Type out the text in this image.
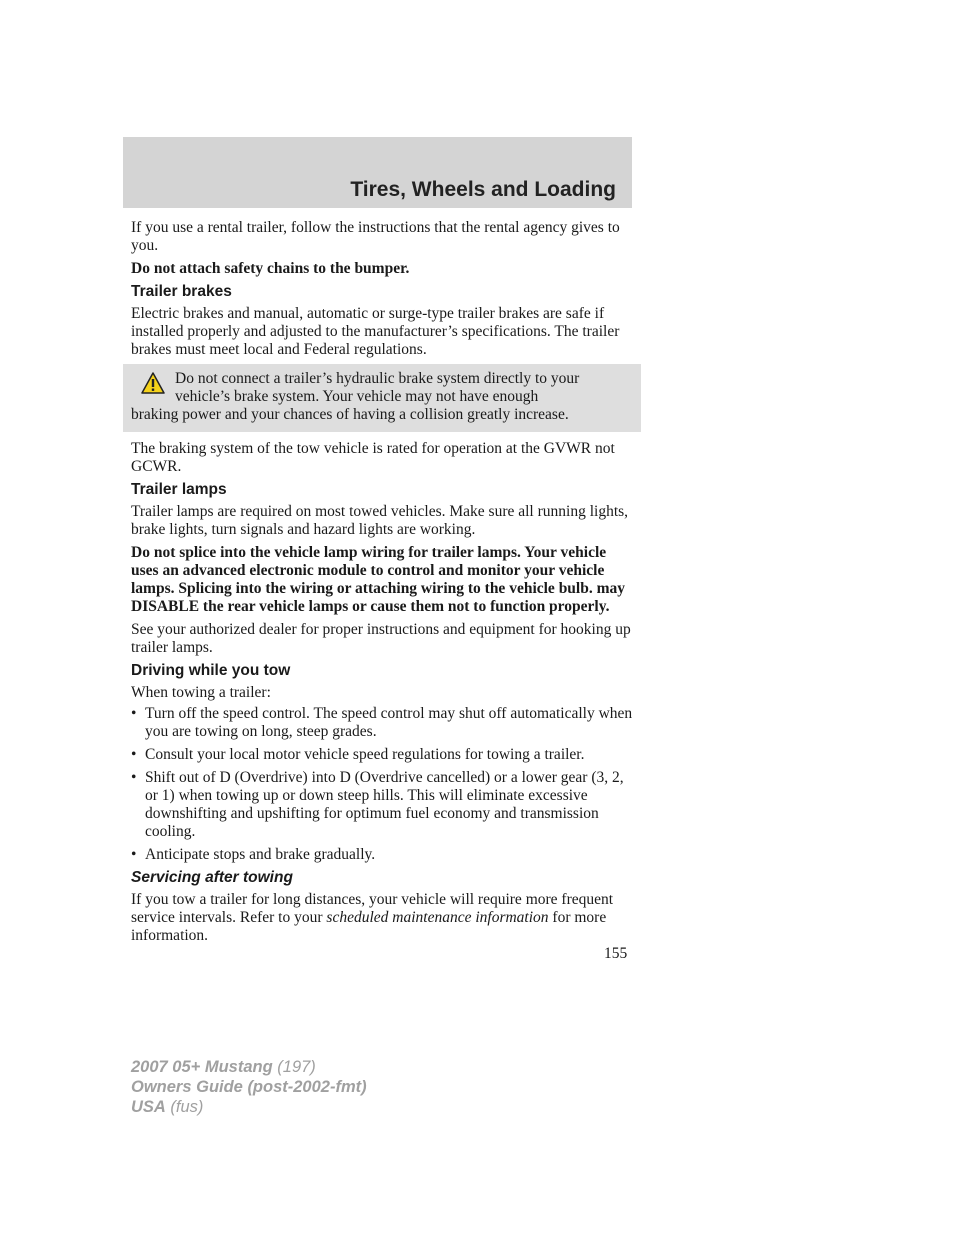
Tires, Wheels and Loading

If you use a rental trailer, follow the instructions that the rental agency gives to you.

Do not attach safety chains to the bumper.

Trailer brakes

Electric brakes and manual, automatic or surge-type trailer brakes are safe if installed properly and adjusted to the manufacturer’s specifications. The trailer brakes must meet local and Federal regulations.

Do not connect a trailer’s hydraulic brake system directly to your
vehicle’s brake system. Your vehicle may not have enough
braking power and your chances of having a collision greatly increase.

The braking system of the tow vehicle is rated for operation at the GVWR not GCWR.

Trailer lamps

Trailer lamps are required on most towed vehicles. Make sure all running lights, brake lights, turn signals and hazard lights are working.

Do not splice into the vehicle lamp wiring for trailer lamps. Your vehicle uses an advanced electronic module to control and monitor your vehicle lamps. Splicing into the wiring or attaching wiring to the vehicle bulb. may DISABLE the rear vehicle lamps or cause them not to function properly.

See your authorized dealer for proper instructions and equipment for hooking up trailer lamps.

Driving while you tow

When towing a trailer:

• Turn off the speed control. The speed control may shut off automatically when you are towing on long, steep grades.
• Consult your local motor vehicle speed regulations for towing a trailer.
• Shift out of D (Overdrive) into D (Overdrive cancelled) or a lower gear (3, 2, or 1) when towing up or down steep hills. This will eliminate excessive downshifting and upshifting for optimum fuel economy and transmission cooling.
• Anticipate stops and brake gradually.
Servicing after towing

If you tow a trailer for long distances, your vehicle will require more frequent service intervals. Refer to your scheduled maintenance information for more information.

155
2007 05+ Mustang (197)
Owners Guide (post-2002-fmt)
USA (fus)
